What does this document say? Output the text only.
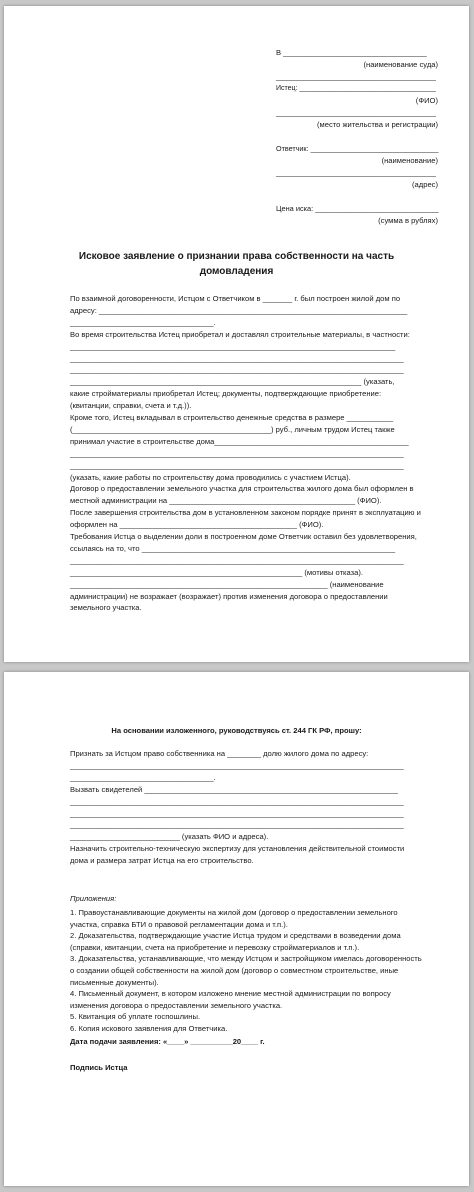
В __________________________________
(наименование суда)
________________________________________
Истец: ___________________________________
(ФИО)
________________________________________
(место жительства и регистрации)
Ответчик: ________________________________
(наименование)
________________________________________
(адрес)
Цена иска: ______________________________
(сумма в рублях)
Исковое заявление о признании права собственности на часть
домовладения
По взаимной договоренности, Истцом с Ответчиком в _______ г. был построен жилой дом по
адресу: _________________________________________________________________________
__________________________________.
Во время строительства Истец приобретал и доставлял строительные материалы, в частности:
_____________________________________________________________________________
_______________________________________________________________________________
_______________________________________________________________________________
_____________________________________________________________________ (указать,
какие стройматериалы приобретал Истец; документы, подтверждающие приобретение:
(квитанции, справки, счета и т.д.)).
Кроме того, Истец вкладывал в строительство денежные средства в размере ___________
(_______________________________________________) руб., личным трудом Истец также
принимал участие в строительстве дома______________________________________________
_______________________________________________________________________________
_______________________________________________________________________________
(указать, какие работы по строительству дома проводились с участием Истца).
Договор о предоставлении земельного участка для строительства жилого дома был оформлен в
местной администрации на ____________________________________________ (ФИО).
После завершения строительства дом в установленном законом порядке принят в эксплуатацию и
оформлен на __________________________________________ (ФИО).
Требования Истца о выделении доли в построенном доме Ответчик оставил без удовлетворения,
ссылаясь на то, что ____________________________________________________________
_______________________________________________________________________________
_______________________________________________________ (мотивы отказа).
_____________________________________________________________ (наименование
администрации) не возражает (возражает) против изменения договора о предоставлении
земельного участка.
На основании изложенного, руководствуясь ст. 244 ГК РФ, прошу:
Признать за Истцом право собственника на ________ долю жилого дома по адресу:
_______________________________________________________________________________
__________________________________.
Вызвать свидетелей ____________________________________________________________
_______________________________________________________________________________
_______________________________________________________________________________
_______________________________________________________________________________
__________________________ (указать ФИО и адреса).
Назначить строительно-техническую экспертизу для установления действительной стоимости
дома и размера затрат Истца на его строительство.
Приложения:
1. Правоустанавливающие документы на жилой дом (договор о предоставлении земельного
участка, справка БТИ о правовой регламентации дома и т.п.).
2. Доказательства, подтверждающие участие Истца трудом и средствами в возведении дома
(справки, квитанции, счета на приобретение и перевозку стройматериалов и т.п.).
3. Доказательства, устанавливающие, что между Истцом и застройщиком имелась договоренность
о создании общей собственности на жилой дом (договор о совместном строительстве, иные
письменные документы).
4. Письменный документ, в котором изложено мнение местной администрации по вопросу
изменения договора о предоставлении земельного участка.
5. Квитанция об уплате госпошлины.
6. Копия искового заявления для Ответчика.
Дата подачи заявления: «____» __________20____ г.
Подпись Истца
